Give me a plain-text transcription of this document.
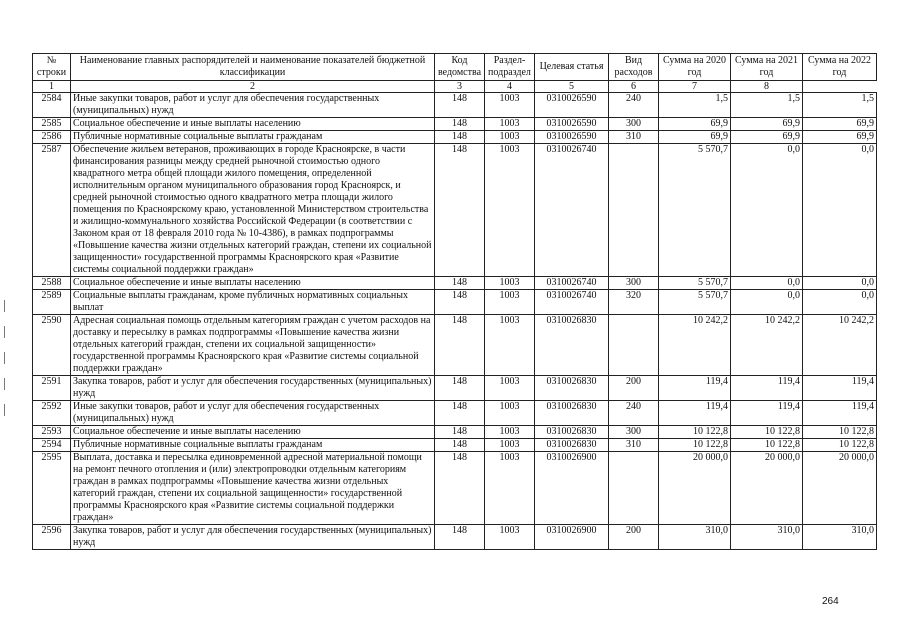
№ строки	Наименование главных распорядителей и наименование показателей бюджетной классификации	Код ведомства	Раздел-подраздел	Целевая статья	Вид расходов	Сумма на 2020 год	Сумма на 2021 год	Сумма на 2022 год
1	2	3	4	5	6	7	8	
2584	Иные закупки товаров, работ и услуг для обеспечения государственных (муниципальных) нужд	148	1003	0310026590	240	1,5	1,5	1,5
2585	Социальное обеспечение и иные выплаты населению	148	1003	0310026590	300	69,9	69,9	69,9
2586	Публичные нормативные социальные выплаты гражданам	148	1003	0310026590	310	69,9	69,9	69,9
2587	Обеспечение жильем ветеранов, проживающих в городе Красноярске, в части финансирования разницы между средней рыночной стоимостью одного квадратного метра общей площади жилого помещения, определенной исполнительным органом муниципального образования город Красноярск, и средней рыночной стоимостью одного квадратного метра площади жилого помещения по Красноярскому краю, установленной Министерством строительства и жилищно-коммунального хозяйства Российской Федерации (в соответствии с Законом края от 18 февраля 2010 года № 10-4386), в рамках подпрограммы «Повышение качества жизни отдельных категорий граждан, степени их социальной защищенности» государственной программы Красноярского края «Развитие системы социальной поддержки граждан»	148	1003	0310026740		5 570,7	0,0	0,0
2588	Социальное обеспечение и иные выплаты населению	148	1003	0310026740	300	5 570,7	0,0	0,0
2589	Социальные выплаты гражданам, кроме публичных нормативных социальных выплат	148	1003	0310026740	320	5 570,7	0,0	0,0
2590	Адресная социальная помощь отдельным категориям граждан с учетом расходов на доставку и пересылку в рамках подпрограммы «Повышение качества жизни отдельных категорий граждан, степени их социальной защищенности» государственной программы Красноярского края «Развитие системы социальной поддержки граждан»	148	1003	0310026830		10 242,2	10 242,2	10 242,2
2591	Закупка товаров, работ и услуг для обеспечения государственных (муниципальных) нужд	148	1003	0310026830	200	119,4	119,4	119,4
2592	Иные закупки товаров, работ и услуг для обеспечения государственных (муниципальных) нужд	148	1003	0310026830	240	119,4	119,4	119,4
2593	Социальное обеспечение и иные выплаты населению	148	1003	0310026830	300	10 122,8	10 122,8	10 122,8
2594	Публичные нормативные социальные выплаты гражданам	148	1003	0310026830	310	10 122,8	10 122,8	10 122,8
2595	Выплата, доставка и пересылка единовременной адресной материальной помощи на ремонт печного отопления и (или) электропроводки отдельным категориям граждан в рамках подпрограммы «Повышение качества жизни отдельных категорий граждан, степени их социальной защищенности» государственной программы Красноярского края «Развитие системы социальной поддержки граждан»	148	1003	0310026900		20 000,0	20 000,0	20 000,0
2596	Закупка товаров, работ и услуг для обеспечения государственных (муниципальных) нужд	148	1003	0310026900	200	310,0	310,0	310,0
264
